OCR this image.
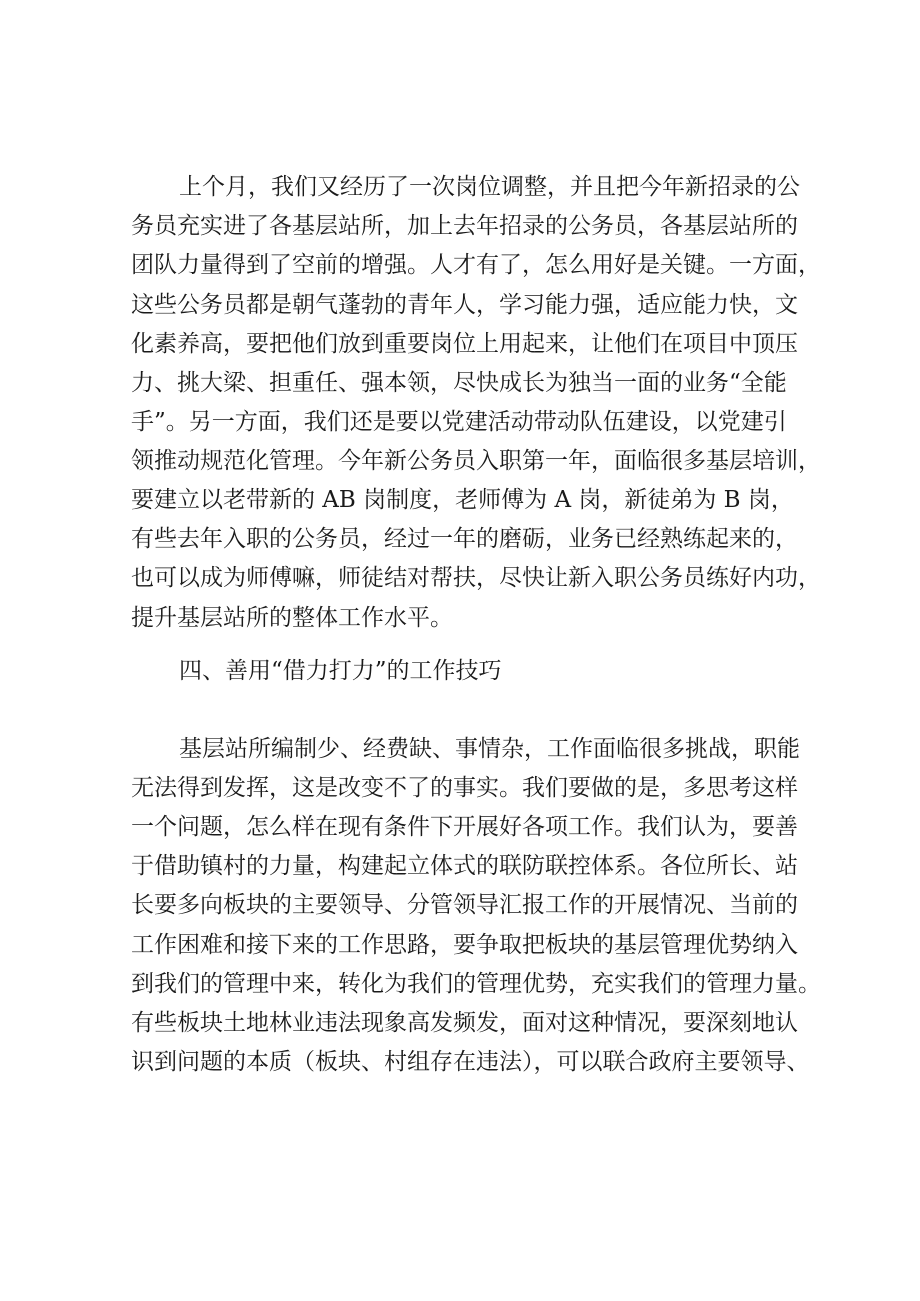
上个月，我们又经历了一次岗位调整，并且把今年新招录的公
务员充实进了各基层站所，加上去年招录的公务员，各基层站所的
团队力量得到了空前的增强。人才有了，怎么用好是关键。一方面，
这些公务员都是朝气蓬勃的青年人，学习能力强，适应能力快，文
化素养高，要把他们放到重要岗位上用起来，让他们在项目中顶压
力、挑大梁、担重任、强本领，尽快成长为独当一面的业务“全能
手”。另一方面，我们还是要以党建活动带动队伍建设，以党建引
领推动规范化管理。今年新公务员入职第一年，面临很多基层培训，
要建立以老带新的 AB 岗制度，老师傅为 A 岗，新徒弟为 B 岗，
有些去年入职的公务员，经过一年的磨砺，业务已经熟练起来的，
也可以成为师傅嘛，师徒结对帮扶，尽快让新入职公务员练好内功，
提升基层站所的整体工作水平。
四、善用“借力打力”的工作技巧
基层站所编制少、经费缺、事情杂，工作面临很多挑战，职能
无法得到发挥，这是改变不了的事实。我们要做的是，多思考这样
一个问题，怎么样在现有条件下开展好各项工作。我们认为，要善
于借助镇村的力量，构建起立体式的联防联控体系。各位所长、站
长要多向板块的主要领导、分管领导汇报工作的开展情况、当前的
工作困难和接下来的工作思路，要争取把板块的基层管理优势纳入
到我们的管理中来，转化为我们的管理优势，充实我们的管理力量。
有些板块土地林业违法现象高发频发，面对这种情况，要深刻地认
识到问题的本质（板块、村组存在违法），可以联合政府主要领导、
